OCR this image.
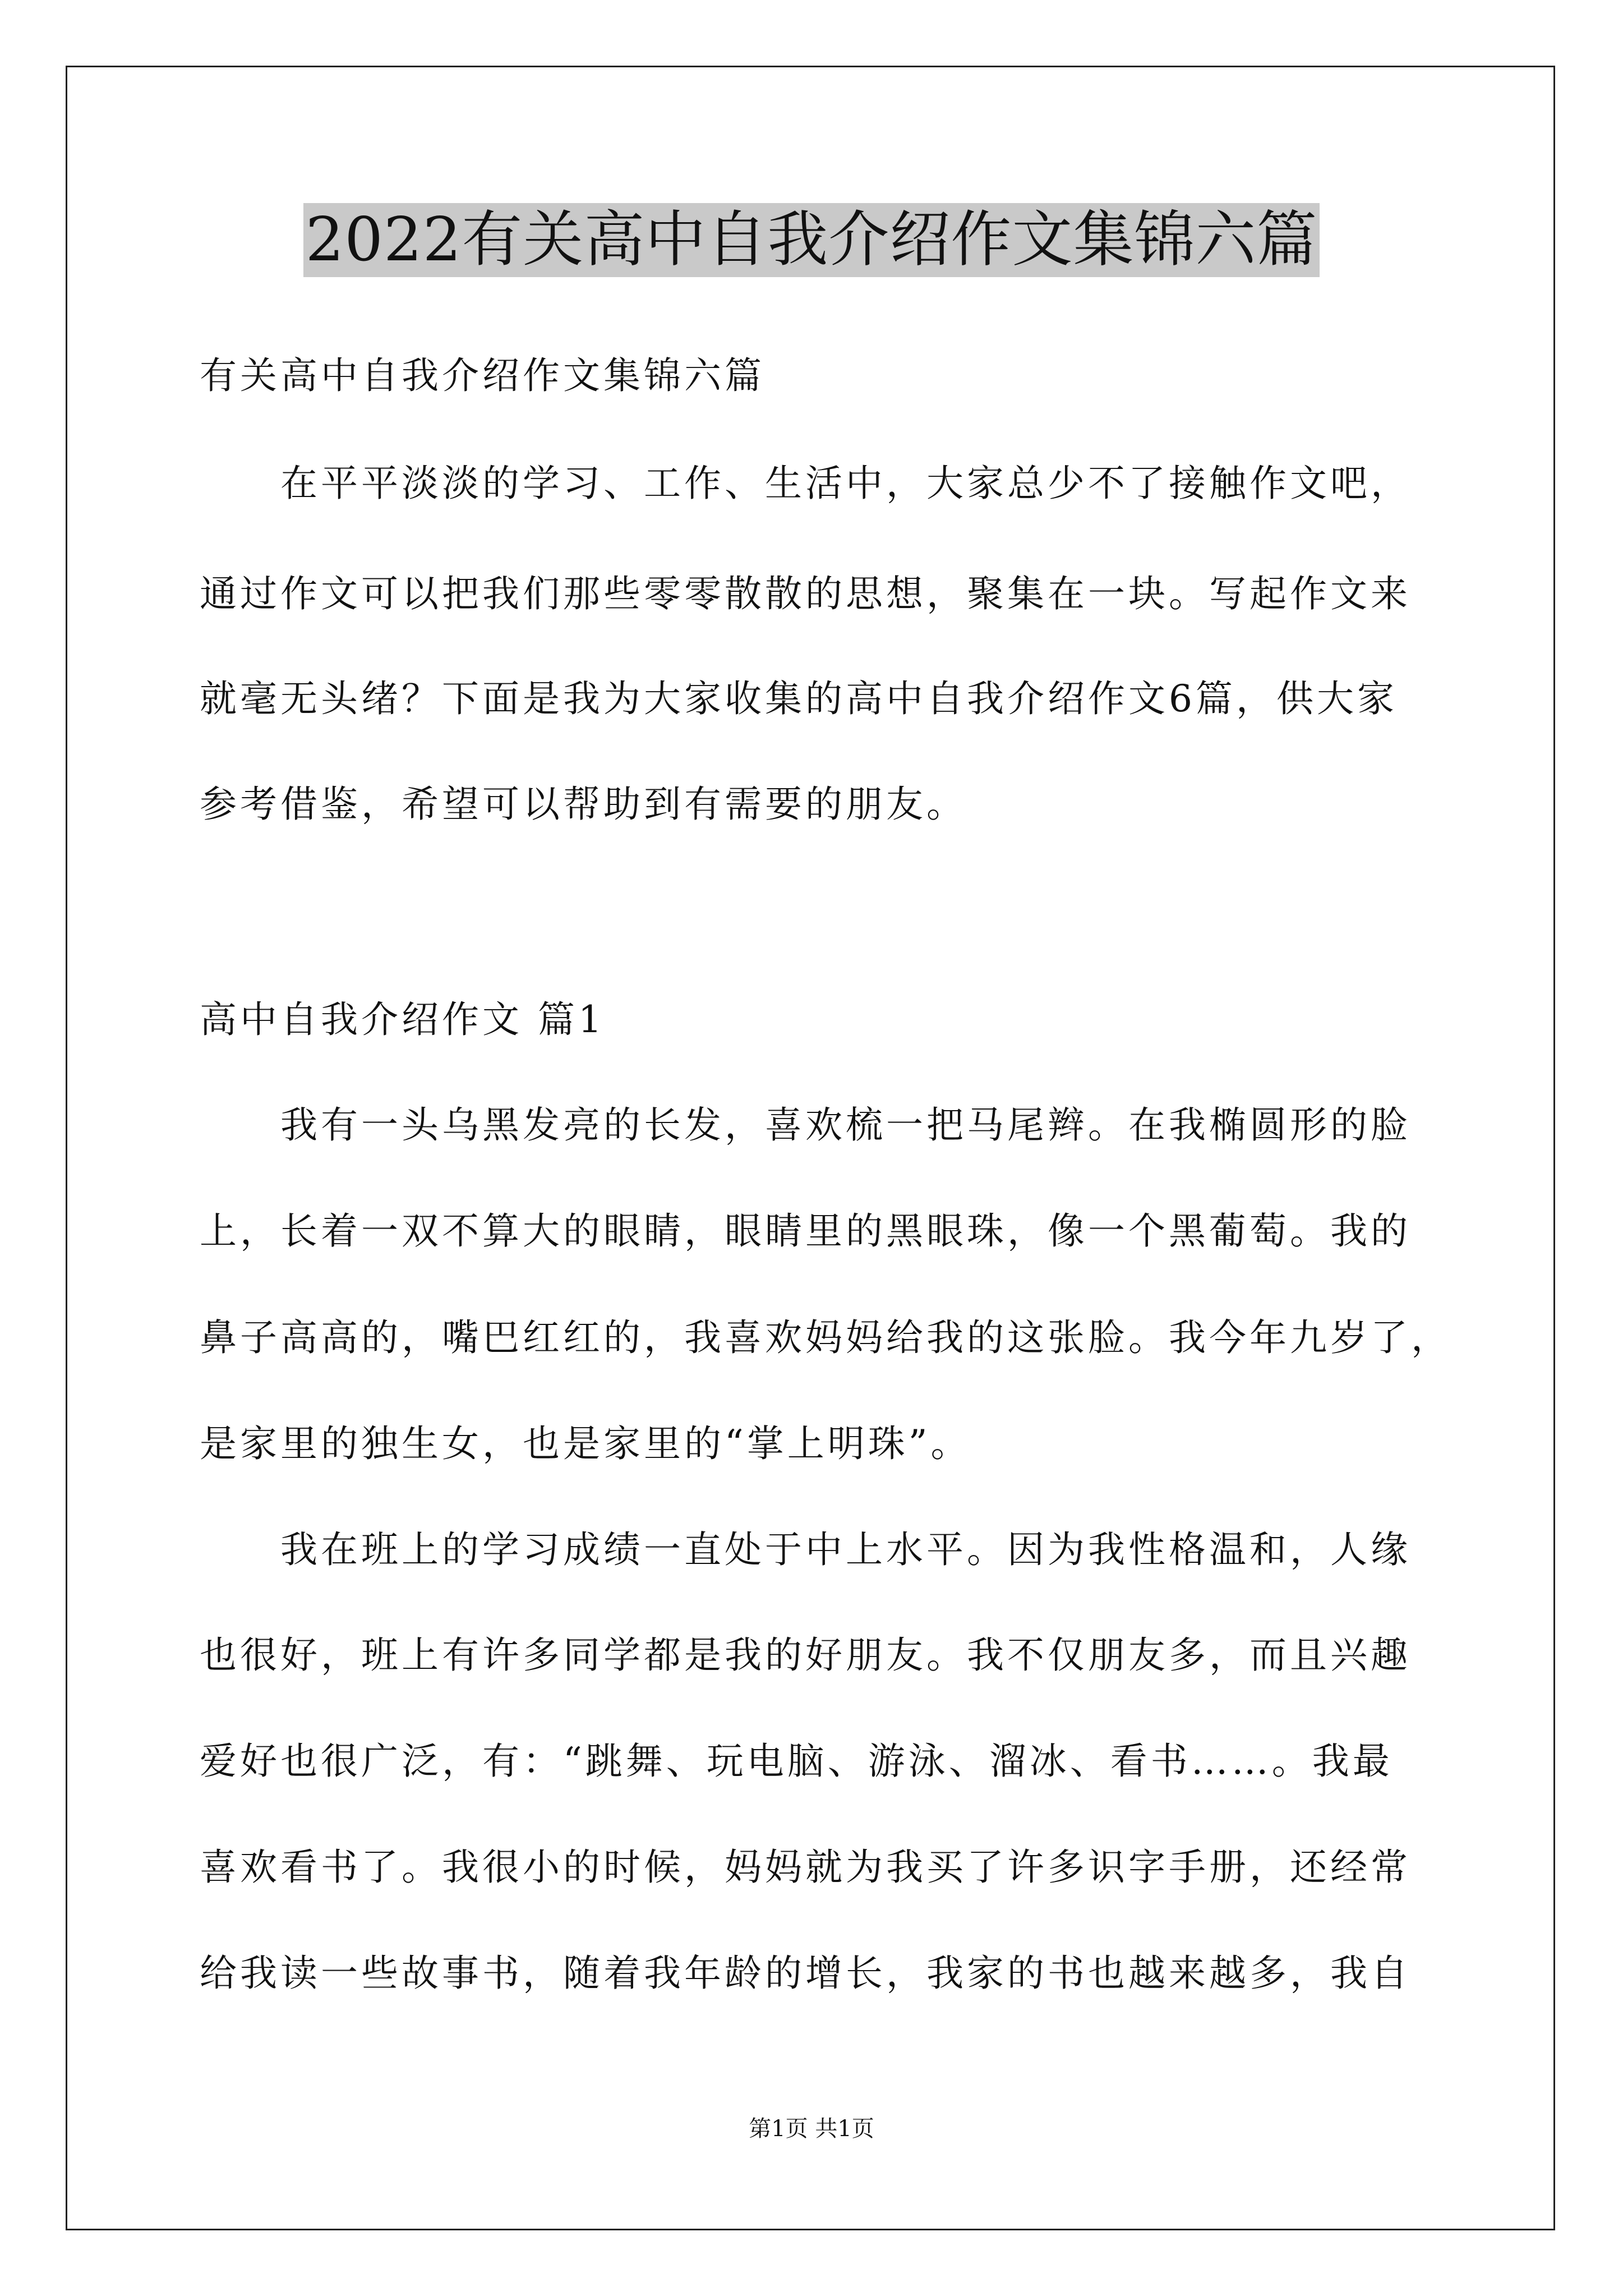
2022有关高中自我介绍作文集锦六篇
有关高中自我介绍作文集锦六篇
在平平淡淡的学习、工作、生活中，大家总少不了接触作文吧，
通过作文可以把我们那些零零散散的思想，聚集在一块。写起作文来
就毫无头绪？下面是我为大家收集的高中自我介绍作文6篇，供大家
参考借鉴，希望可以帮助到有需要的朋友。
高中自我介绍作文 篇1
我有一头乌黑发亮的长发，喜欢梳一把马尾辫。在我椭圆形的脸
上，长着一双不算大的眼睛，眼睛里的黑眼珠，像一个黑葡萄。我的
鼻子高高的，嘴巴红红的，我喜欢妈妈给我的这张脸。我今年九岁了，
是家里的独生女，也是家里的“掌上明珠”。
我在班上的学习成绩一直处于中上水平。因为我性格温和，人缘
也很好，班上有许多同学都是我的好朋友。我不仅朋友多，而且兴趣
爱好也很广泛，有：“跳舞、玩电脑、游泳、溜冰、看书……。我最
喜欢看书了。我很小的时候，妈妈就为我买了许多识字手册，还经常
给我读一些故事书，随着我年龄的增长，我家的书也越来越多，我自
第1页 共1页
